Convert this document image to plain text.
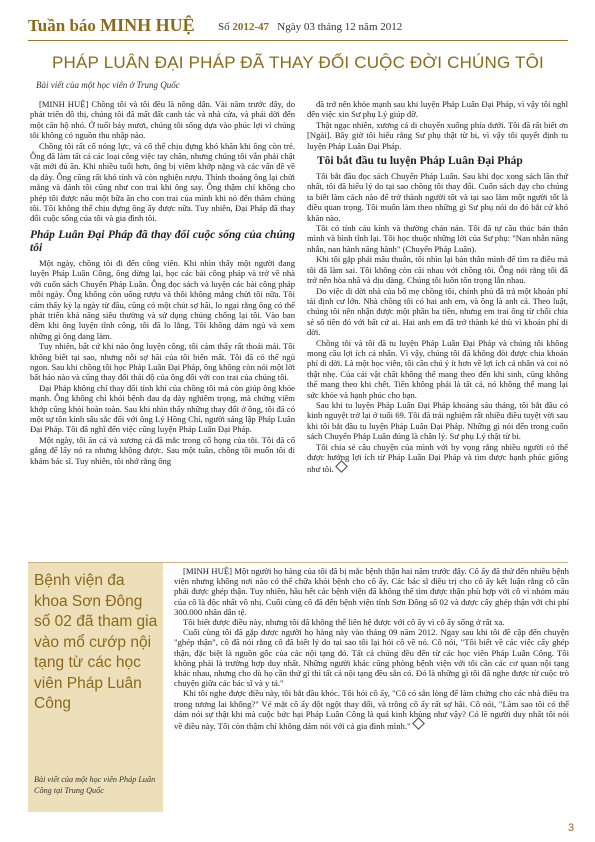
Tuần báo MINH HUỆ Số 2012-47 Ngày 03 tháng 12 năm 2012
PHÁP LUÂN ĐẠI PHÁP ĐÃ THAY ĐỔI CUỘC ĐỜI CHÚNG TÔI
Bài viết của một học viên ở Trung Quốc

[MINH HUỆ] Chồng tôi và tôi đều là nông dân. Vài năm trước đây, do phát triển đô thị, chúng tôi đã mất đất canh tác và nhà cửa, và phải dời đến một căn hộ nhỏ. Ở tuổi bảy mươi, chúng tôi sống dựa vào phúc lợi vì chúng tôi không có nguồn thu nhập nào.

Chồng tôi rất cố nóng lực, và cố thể chịu đựng khó khăn khi ông còn trẻ. Ông đã làm tất cả các loại công việc tay chân, nhưng chúng tôi vẫn phải chật vật mới đủ ăn. Khi nhiều tuổi hơn, ông bị viêm khớp nặng và các vấn đề về dạ dày. Ông cũng rất khó tính và còn nghiện rượu. Thỉnh thoảng ông lại chửi mắng và đánh tôi cũng như con trai khi ông say. Ông thậm chí không cho phép tôi được nấu một bữa ăn cho con trai của mình khi nó đến thăm chúng tôi. Tôi không thể chịu đựng ông ấy được nữa. Tuy nhiên, Đại Pháp đã thay đổi cuộc sống của tôi và gia đình tôi.

Pháp Luân Đại Pháp đã thay đổi cuộc sống của chúng tôi

Một ngày, chồng tôi đi đến công viên. Khi nhìn thấy một người đang luyện Pháp Luân Công, ông dừng lại, học các bài công pháp và trở về nhà với cuốn sách Chuyển Pháp Luân. Ông đọc sách và luyện các bài công pháp mỗi ngày. Ông không còn uống rượu và thôi không mắng chửi tôi nữa. Tôi cảm thấy kỳ lạ ngày từ đầu, cũng có một chút sợ hãi, lo ngại rằng ông có thể phát triển khả năng siêu thường và sử dụng chúng chống lại tôi. Vào ban đêm khi ông luyện tĩnh công, tôi đã lo lắng. Tôi không dám ngủ và xem những gì ông đang làm.

Tuy nhiên, bất cứ khi nào ông luyện công, tôi cảm thấy rất thoải mái. Tôi không biết tại sao, nhưng nỗi sợ hãi của tôi biến mất. Tôi đã có thể ngủ ngon. Sau khi chồng tôi học Pháp Luân Đại Pháp, ông không còn nói một lời bất hảo nào và cũng thay đổi thái độ của ông đối với con trai của chúng tôi.

Đại Pháp không chỉ thay đổi tính khí của chồng tôi mà còn giúp ông khỏe mạnh. Ông không chỉ khỏi bệnh đau dạ dày nghiêm trọng, mà chứng viêm khớp cũng khỏi hoàn toàn. Sau khi nhìn thấy những thay đổi ở ông, tôi đã có một sự tôn kính sâu sắc đối với ông Lý Hồng Chí, người sáng lập Pháp Luân Đại Pháp. Tôi đã nghĩ đến việc cũng luyện Pháp Luân Đại Pháp.

Một ngày, tôi ăn cá và xương cá đã mắc trong cổ họng của tôi. Tôi đã cố gắng để lấy nó ra nhưng không được. Sau một tuần, chồng tôi muốn tôi đi khám bác sĩ. Tuy nhiên, tôi nhớ rằng ông

đã trở nên khỏe mạnh sau khi luyện Pháp Luân Đại Pháp, vì vậy tôi nghĩ đến việc xin Sư phụ Lý giúp đỡ.

Thật ngạc nhiên, xương cá di chuyển xuống phía dưới. Tôi đã rất biết ơn [Ngài]. Bây giờ tôi hiểu rằng Sư phụ thật từ bi, vì vậy tôi quyết định tu luyện Pháp Luân Đại Pháp.

Tôi bắt đầu tu luyện Pháp Luân Đại Pháp

Tôi bắt đầu đọc sách Chuyển Pháp Luân. Sau khi đọc xong sách lần thứ nhất, tôi đã hiểu lý do tại sao chồng tôi thay đổi. Cuốn sách dạy cho chúng ta biết làm cách nào để trở thành người tốt và tại sao làm một người tốt là điều quan trọng. Tôi muốn làm theo những gì Sư phụ nói do đó bắt cứ khó khăn nào.

Tôi có tính cáu kỉnh và thường chán nản. Tôi đã tự cầu thúc bản thân mình và bình tĩnh lại. Tôi học thuộc những lời của Sư phụ: "Nan nhẫn năng nhẫn, nan hành năng hành" (Chuyển Pháp Luân).

Khi tôi gặp phải mâu thuẫn, tôi nhìn lại bản thân mình để tìm ra điều mà tôi đã làm sai. Tôi không còn cãi nhau với chồng tôi. Ông nói rằng tôi đã trở nên hòa nhã và dịu dàng. Chúng tôi luôn tôn trọng lẫn nhau.

Do việc di dời nhà của bố mẹ chồng tôi, chính phủ đã trả một khoản phí tái định cư lớn. Nhà chồng tôi có hai anh em, và ông là anh cả. Theo luật, chúng tôi nên nhận được một phần ba tiền, nhưng em trai ông từ chối chia sẻ số tiền đó với bất cứ ai. Hai anh em đã trở thành kẻ thù vì khoản phí di dời.

Chồng tôi và tôi đã tu luyện Pháp Luân Đại Pháp và chúng tôi không mong cầu lợi ích cá nhân. Vì vậy, chúng tôi đã không đòi được chia khoản phí di dời. Là một học viên, tôi cần chú ý ít hơn về lợi ích cá nhân và coi nó thật nhẹ. Của cải vật chất không thể mang theo đến khi sinh, cũng không thể mang theo khi chết. Tiền không phải là tất cả, nó không thể mang lại sức khỏe và hạnh phúc cho bạn.

Sau khi tu luyện Pháp Luân Đại Pháp khoảng sáu tháng, tôi bắt đầu có kinh nguyệt trở lại ở tuổi 69. Tôi đã trải nghiệm rất nhiều điều tuyệt vời sau khi tôi bắt đầu tu luyện Pháp Luân Đại Pháp. Những gì nói đến trong cuốn sách Chuyển Pháp Luân đúng là chân lý. Sư phụ Lý thật từ bi.

Tôi chia sẻ câu chuyện của mình với hy vọng rằng nhiều người có thể được hưởng lợi ích từ Pháp Luân Đại Pháp và tìm được hạnh phúc giống như tôi.

Bệnh viện đa khoa Sơn Đông số 02 đã tham gia vào mổ cướp nội tạng từ các học viên Pháp Luân Công
Bài viết của một học viên Pháp Luân Công tại Trung Quốc

[MINH HUỆ] Một người họ hàng của tôi đã bị mắc bệnh thận hai năm trước đây. Cô ấy đã thử đến nhiều bệnh viện nhưng không nơi nào có thể chữa khỏi bệnh cho cô ấy. Các bác sĩ điều trị cho cô ấy kết luận rằng cô cần phải được ghép thận. Tuy nhiên, hầu hết các bệnh viện đã không thể tìm được thận phù hợp với cô vì nhóm máu của cô là độc nhất vô nhị. Cuối cùng cô đã đến bệnh viện tỉnh Sơn Đông số 02 và được cấy ghép thận với chi phí 300.000 nhân dân tệ.

Tôi biết được điều này, nhưng tôi đã không thể liên hệ được với cô ấy vì cô ấy sống ở rất xa.

Cuối cùng tôi đã gặp được người họ hàng này vào tháng 09 năm 2012. Ngay sau khi tôi đề cập đến chuyện "ghép thận", cô đã nói rằng cô đã biết lý do tại sao tôi lại hỏi cô về nó. Cô nói, "Tôi biết về các việc cấy ghép thận, đặc biệt là nguồn gốc của các nội tạng đó. Tất cả chúng đều đến từ các học viên Pháp Luân Công. Tôi không phải là trường hợp duy nhất. Những người khác cũng phòng bệnh viện với tôi cần các cơ quan nội tạng khác nhau, nhưng cho dù họ cần thứ gì thì tất cả nội tạng đều sẵn có. Đó là những gì tôi đã nghe được từ cuộc trò chuyện giữa các bác sĩ và y tá."

Khi tôi nghe được điều này, tôi bắt đầu khóc. Tôi hỏi cô ấy, "Cô có sẵn lòng để làm chứng cho các nhà điều tra trong tương lai không?" Vẻ mặt cô ấy đột ngột thay đổi, và trông cô ấy rất sợ hãi. Cô nói, "Làm sao tôi có thể dám nói sự thật khi mà cuộc bức hại Pháp Luân Công là quá kinh khủng như vậy? Có lẽ người duy nhất tôi nói về điều này. Tôi còn thậm chí không dám nói với cả gia đình mình."

3
